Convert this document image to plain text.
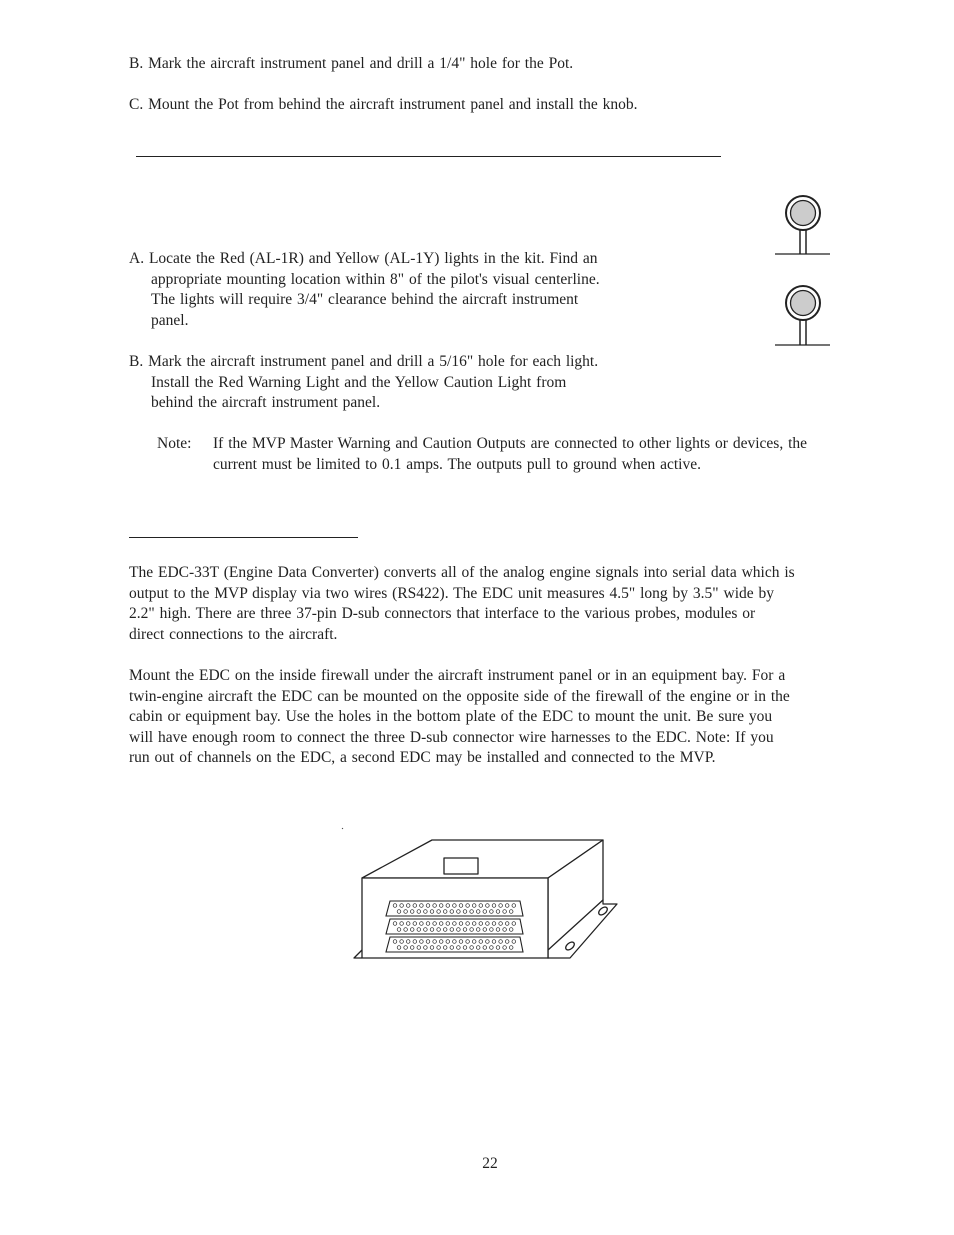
B. Mark the aircraft instrument panel and drill a 1/4" hole for the Pot.
C. Mount the Pot from behind the aircraft instrument panel and install the knob.
A. Locate the Red (AL-1R) and Yellow (AL-1Y) lights in the kit. Find an
appropriate mounting location within 8" of the pilot's visual centerline.
The lights will require 3/4" clearance behind the aircraft instrument
panel.
B. Mark the aircraft instrument panel and drill a 5/16" hole for each light.
Install the Red Warning Light and the Yellow Caution Light from
behind the aircraft instrument panel.
Note: If the MVP Master Warning and Caution Outputs are connected to other lights or devices, the
current must be limited to 0.1 amps. The outputs pull to ground when active.
The EDC-33T (Engine Data Converter) converts all of the analog engine signals into serial data which is
output to the MVP display via two wires (RS422). The EDC unit measures 4.5" long by 3.5" wide by
2.2" high. There are three 37-pin D-sub connectors that interface to the various probes, modules or
direct connections to the aircraft.
Mount the EDC on the inside firewall under the aircraft instrument panel or in an equipment bay. For a
twin-engine aircraft the EDC can be mounted on the opposite side of the firewall of the engine or in the
cabin or equipment bay. Use the holes in the bottom plate of the EDC to mount the unit. Be sure you
will have enough room to connect the three D-sub connector wire harnesses to the EDC. Note: If you
run out of channels on the EDC, a second EDC may be installed and connected to the MVP.
22
